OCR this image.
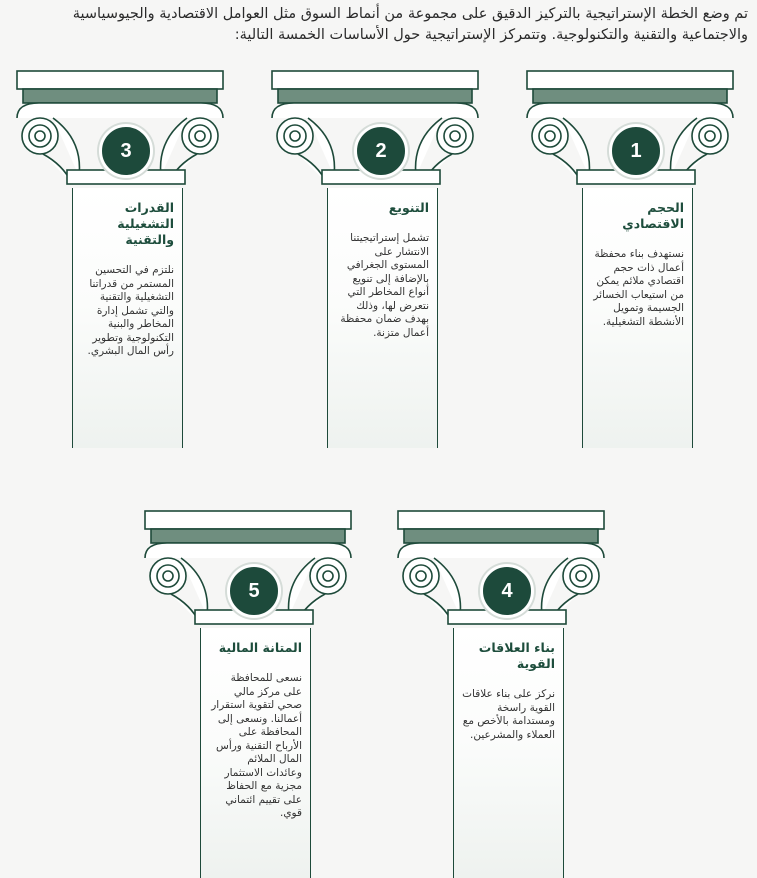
تم وضع الخطة الإستراتيجية بالتركيز الدقيق على مجموعة من أنماط السوق مثل العوامل الاقتصادية والجيوسياسية والاجتماعية والتقنية والتكنولوجية. وتتمركز الإستراتيجية حول الأساسات الخمسة التالية:

1

الحجم الاقتصادي

نستهدف بناء محفظة أعمال ذات حجم اقتصادي ملائم يمكن من استيعاب الخسائر الجسيمة وتمويل الأنشطة التشغيلية.

2

التنويع

تشمل إستراتيجيتنا الانتشار على المستوى الجغرافي بالإضافة إلى تنويع أنواع المخاطر التي نتعرض لها، وذلك بهدف ضمان محفظة أعمال متزنة.

3

القدرات التشغيلية والتقنية

نلتزم في التحسين المستمر من قدراتنا التشغيلية والتقنية والتي تشمل إدارة المخاطر والبنية التكنولوجية وتطوير رأس المال البشري.

4

بناء العلاقات القوية

نركز على بناء علاقات القوية راسخة ومستدامة بالأخص مع العملاء والمشرعين.

5

المتانة المالية

نسعى للمحافظة على مركز مالي صحي لتقوية استقرار أعمالنا. ونسعى إلى المحافظة على الأرباح التقنية ورأس المال الملائم وعائدات الاستثمار مجزية مع الحفاظ على تقييم ائتماني قوي.
